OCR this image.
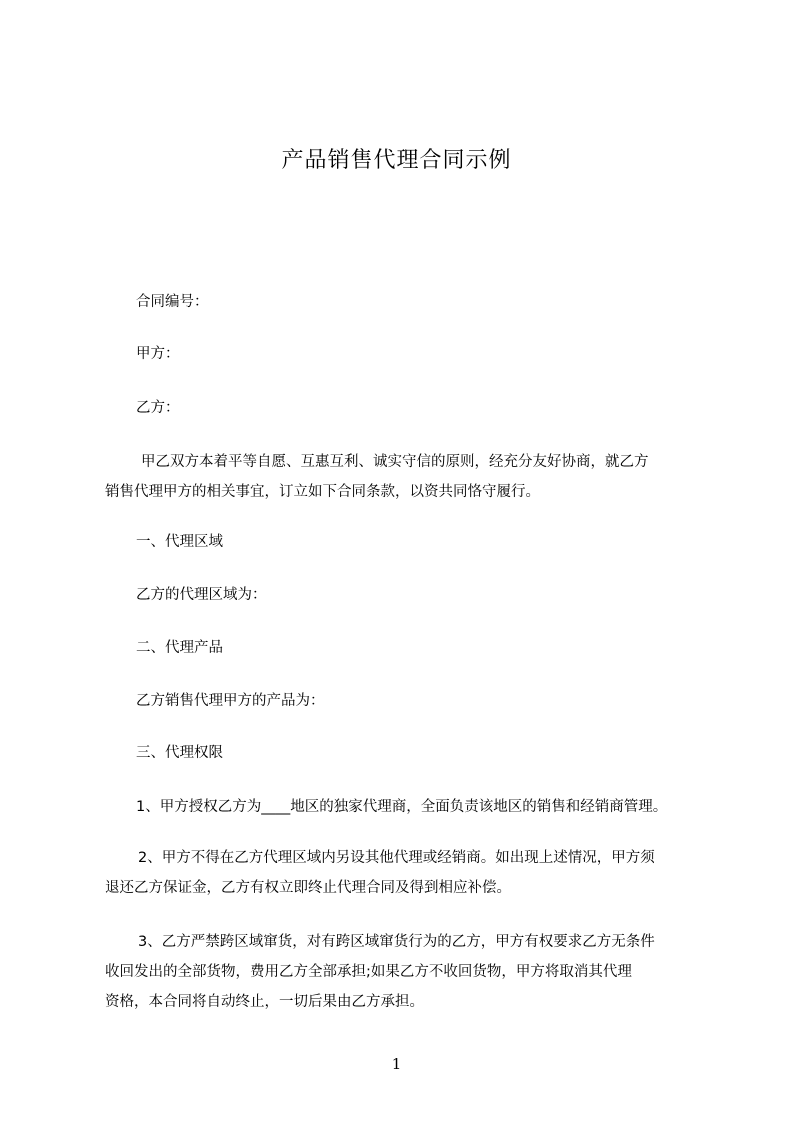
产品销售代理合同示例
合同编号：
甲方：
乙方：
甲乙双方本着平等自愿、互惠互利、诚实守信的原则，经充分友好协商，就乙方
销售代理甲方的相关事宜，订立如下合同条款，以资共同恪守履行。
一、代理区域
乙方的代理区域为：
二、代理产品
乙方销售代理甲方的产品为：
三、代理权限
1、甲方授权乙方为____地区的独家代理商，全面负责该地区的销售和经销商管理。
2、甲方不得在乙方代理区域内另设其他代理或经销商。如出现上述情况，甲方须
退还乙方保证金，乙方有权立即终止代理合同及得到相应补偿。
3、乙方严禁跨区域窜货，对有跨区域窜货行为的乙方，甲方有权要求乙方无条件
收回发出的全部货物，费用乙方全部承担;如果乙方不收回货物，甲方将取消其代理
资格，本合同将自动终止，一切后果由乙方承担。
1
